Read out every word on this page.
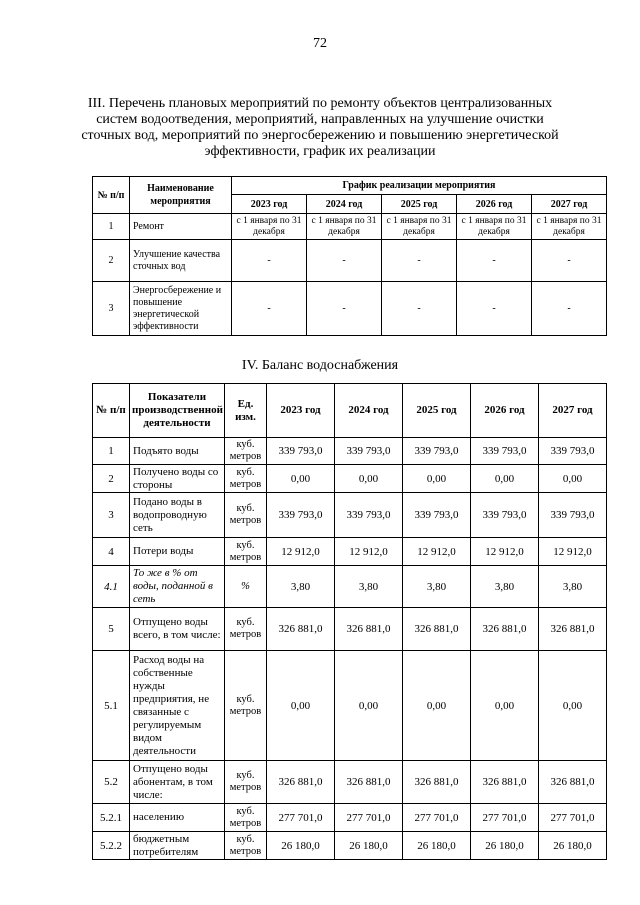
72
III. Перечень плановых мероприятий по ремонту объектов централизованных систем водоотведения, мероприятий, направленных на улучшение очистки сточных вод, мероприятий по энергосбережению и повышению энергетической эффективности, график их реализации
№ п/п	Наименование мероприятия	График реализации мероприятия				
		2023 год	2024 год	2025 год	2026 год	2027 год
1	Ремонт	с 1 января по 31 декабря	с 1 января по 31 декабря	с 1 января по 31 декабря	с 1 января по 31 декабря	с 1 января по 31 декабря
2	Улучшение качества сточных вод	-	-	-	-	-
3	Энергосбережение и повышение энергетической эффективности	-	-	-	-	-
IV. Баланс водоснабжения
№ п/п	Показатели производственной деятельности	Ед. изм.	2023 год	2024 год	2025 год	2026 год	2027 год
1	Подъято воды	куб. метров	339 793,0	339 793,0	339 793,0	339 793,0	339 793,0
2	Получено воды со стороны	куб. метров	0,00	0,00	0,00	0,00	0,00
3	Подано воды в водопроводную сеть	куб. метров	339 793,0	339 793,0	339 793,0	339 793,0	339 793,0
4	Потери воды	куб. метров	12 912,0	12 912,0	12 912,0	12 912,0	12 912,0
4.1	То же в % от воды, поданной в сеть	%	3,80	3,80	3,80	3,80	3,80
5	Отпущено воды всего, в том числе:	куб. метров	326 881,0	326 881,0	326 881,0	326 881,0	326 881,0
5.1	Расход воды на собственные нужды предприятия, не связанные с регулируемым видом деятельности	куб. метров	0,00	0,00	0,00	0,00	0,00
5.2	Отпущено воды абонентам, в том числе:	куб. метров	326 881,0	326 881,0	326 881,0	326 881,0	326 881,0
5.2.1	населению	куб. метров	277 701,0	277 701,0	277 701,0	277 701,0	277 701,0
5.2.2	бюджетным потребителям	куб. метров	26 180,0	26 180,0	26 180,0	26 180,0	26 180,0
